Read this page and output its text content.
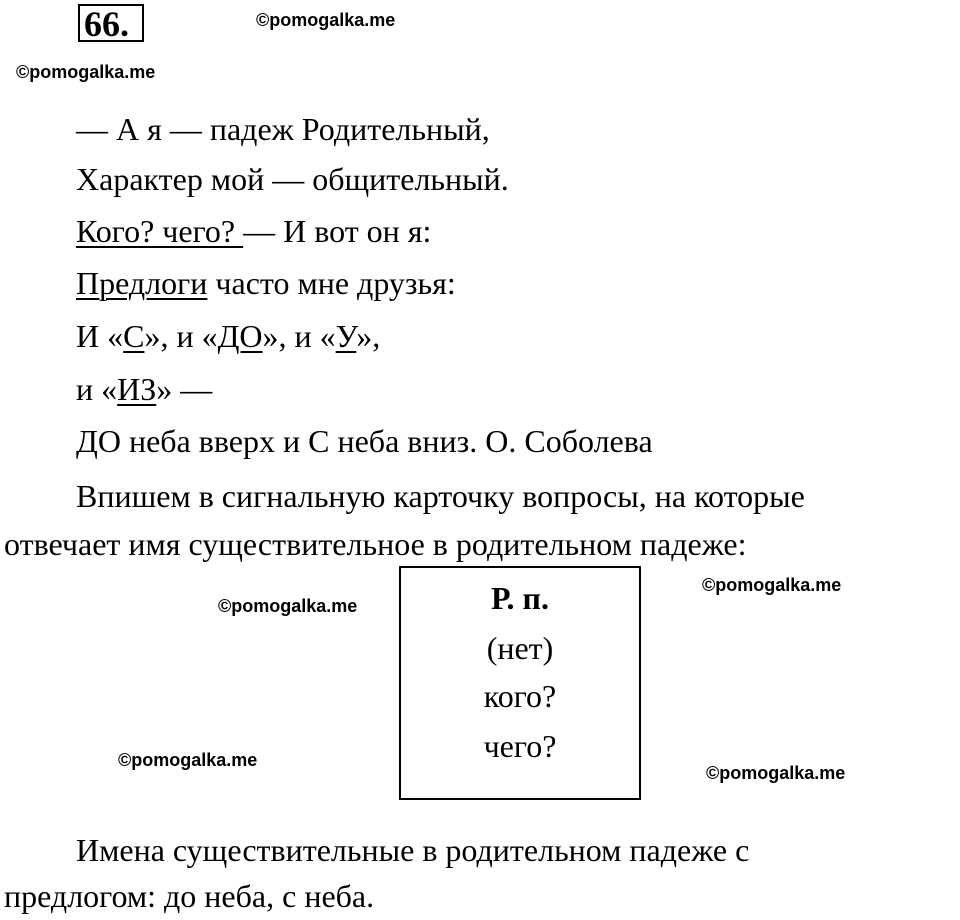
66.	©pomogalka.me
©pomogalka.me
— А я — падеж Родительный,
Характер мой — общительный.
Кого? чего? — И вот он я:
Предлоги часто мне друзья:
И «С», и «ДО», и «У»,
и «ИЗ» —
ДО неба вверх и С неба вниз. О. Соболева
Впишем в сигнальную карточку вопросы, на которые
отвечает имя существительное в родительном падеже:
©pomogalka.me
©pomogalka.me
©pomogalka.me
©pomogalka.me
Р. п.
(нет)
кого?
чего?
Имена существительные в родительном падеже с
предлогом: до неба, с неба.
